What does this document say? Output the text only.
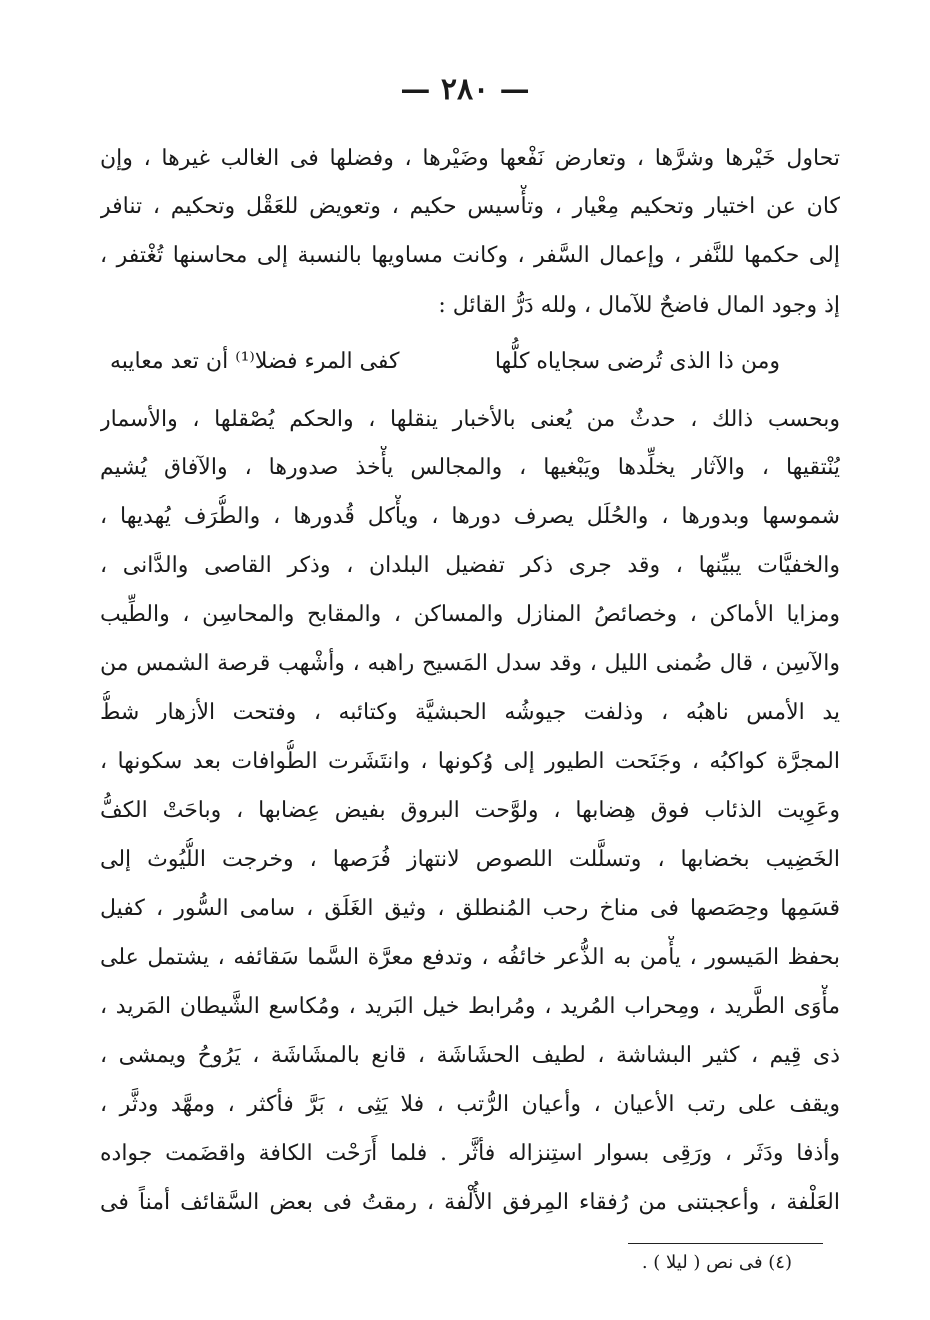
— ٢٨٠ —
تحاول خَيْرها وشرَّها ، وتعارض نَفْعها وضَيْرها ، وفضلها فى الغالب غيرها ، وإن
كان عن اختيار وتحكيم مِعْيار ، وتأْسيس حكيم ، وتعويض للعَقْل وتحكيم ، تنافر
إلى حكمها للنَّفر ، وإعمال السَّفر ، وكانت مساويها بالنسبة إلى محاسنها تُغْتفر ،
إذ وجود المال فاضحٌ للآمال ، ولله دَرُّ القائل :
ومن ذا الذى تُرضى سجاياه كلُّها
كفى المرء فضلا⁽¹⁾ أن تعد معايبه
وبحسب ذالك ، حدثٌ من يُعنى بالأخبار ينقلها ، والحكم يُصْقلها ، والأسمار
يُنْتقيها ، والآثار يخلِّدها ويَبْغيها ، والمجالس يأْخذ صدورها ، والآفاق يُشيم
شموسها وبدورها ، والحُلَل يصرف دورها ، ويأْكل قُدورها ، والطُّرَف يُهديها ،
والخفيَّات يبيِّنها ، وقد جرى ذكر تفضيل البلدان ، وذكر القاصى والدَّانى ،
ومزايا الأماكن ، وخصائصُ المنازل والمساكن ، والمقابح والمحاسِن ، والطِّيب
والآسِن ، قال ضُمنى الليل ، وقد سدل المَسيح راهبه ، وأشْهب قرصة الشمس من
يد الأمس ناهبُه ، وذلفت جيوشُه الحبشيَّة وكتائبه ، وفتحت الأزهار شطُّ
المجرَّة كواكبُه ، وجَنَحت الطيور إلى وُكونها ، وانتَشَرت الطُّوافات بعد سكونها ،
وعَوِيت الذئاب فوق هِضابها ، ولوَّحت البروق بفيض عِضابها ، وباحَتْ الكفُّ
الخَضِيب بخضابها ، وتسلَّلت اللصوص لانتهاز فُرَصها ، وخرجت اللُّيُوث إلى
قسَمِها وحِصَصها فى مناخ رحب المُنطلق ، وثيق الغَلَق ، سامى السُّور ، كفيل
بحفظ المَيسور ، يأْمن به الذُّعر خائفُه ، وتدفع معرَّة السَّما سَقائفه ، يشتمل على
مأْوَى الطَّريد ، ومِحراب المُريد ، ومُرابط خيل البَريد ، ومُكاسع الشَّيطان المَريد ،
ذى قِيم ، كثير البشاشة ، لطيف الحشَاشَة ، قانع بالمشَاشَة ، يَرُوحُ ويمشى ،
ويقف على رتب الأعيان ، وأعيان الرُّتب ، فلا يَثِى ، بَرَّ فأكثر ، ومهَّد ودثَّر ،
وأذفا ودَثَر ، ورَقِى بسوار استِنزاله فأثَّر . فلما أَرَحْت الكافة واقضَمت جواده
العَلْفة ، وأعجبتنى من رُفقاء المِرفق الأُلْفة ، رمقتُ فى بعض السَّقائف أمناً فى
(٤) فى نص ( ليلا ) .
